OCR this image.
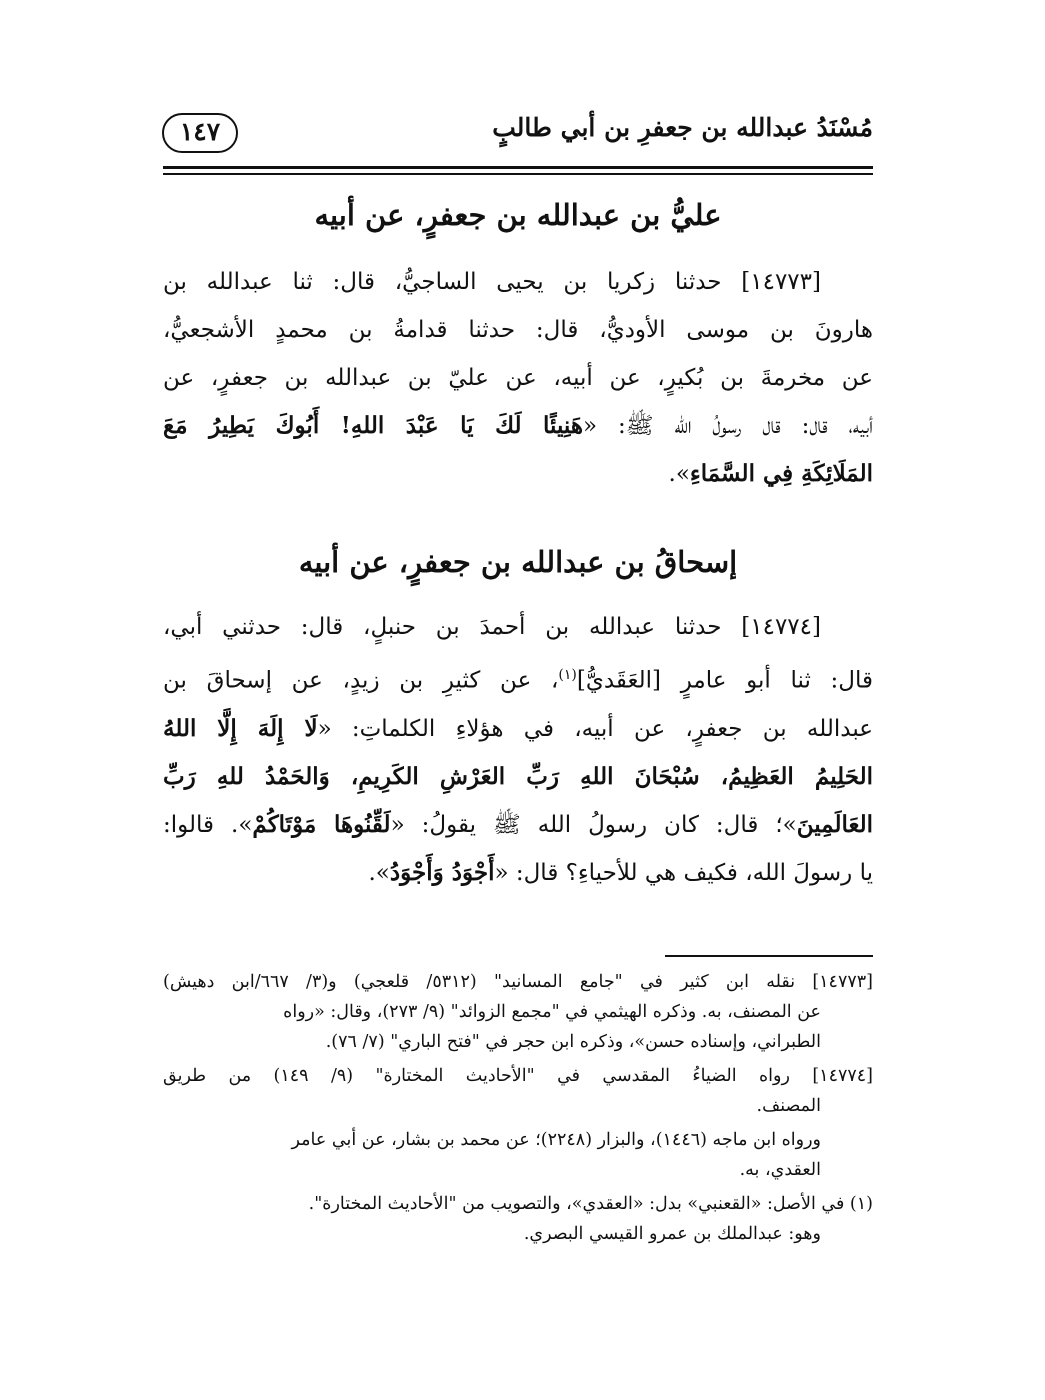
مُسْنَدُ عبدالله بن جعفرِ بن أبي طالبٍ
١٤٧
عليُّ بن عبدالله بن جعفرٍ، عن أبيه
[١٤٧٧٣] حدثنا زكريا بن يحيى الساجيُّ، قال: ثنا عبدالله بن
هارونَ بن موسى الأوديُّ، قال: حدثنا قدامةُ بن محمدٍ الأشجعيُّ،
عن مخرمةَ بن بُكيرٍ، عن أبيه، عن عليّ بن عبدالله بن جعفرٍ، عن
أبيه، قال: قال رسولُ الله ﷺ: «هَنِيئًا لَكَ يَا عَبْدَ اللهِ! أَبُوكَ يَطِيرُ مَعَ
المَلَائِكَةِ فِي السَّمَاءِ».
إسحاقُ بن عبدالله بن جعفرٍ، عن أبيه
[١٤٧٧٤] حدثنا عبدالله بن أحمدَ بن حنبلٍ، قال: حدثني أبي،
قال: ثنا أبو عامرٍ [العَقَديُّ]$^{(١)}$، عن كثيرِ بن زيدٍ، عن إسحاقَ بن
عبدالله بن جعفرٍ، عن أبيه، في هؤلاءِ الكلماتِ: «لَا إِلَهَ إِلَّا اللهُ
الحَلِيمُ العَظِيمُ، سُبْحَانَ اللهِ رَبِّ العَرْشِ الكَرِيمِ، وَالحَمْدُ للهِ رَبِّ
العَالَمِينَ»؛ قال: كان رسولُ الله ﷺ يقولُ: «لَقِّنُوهَا مَوْتَاكُمْ». قالوا:
يا رسولَ الله، فكيف هي للأحياءِ؟ قال: «أَجْوَدُ وَأَجْوَدُ».
[١٤٧٧٣] نقله ابن كثير في "جامع المسانيد" (٥٣١٢/ قلعجي) و(٣/ ٦٦٧/ابن دهيش)
عن المصنف، به. وذكره الهيثمي في "مجمع الزوائد" (٩/ ٢٧٣)، وقال: «رواه
الطبراني، وإسناده حسن»، وذكره ابن حجر في "فتح الباري" (٧/ ٧٦).
[١٤٧٧٤] رواه الضياءُ المقدسي في "الأحاديث المختارة" (٩/ ١٤٩) من طريق
المصنف.
ورواه ابن ماجه (١٤٤٦)، والبزار (٢٢٤٨)؛ عن محمد بن بشار، عن أبي عامر
العقدي، به.
(١) في الأصل: «القعنبي» بدل: «العقدي»، والتصويب من "الأحاديث المختارة".
وهو: عبدالملك بن عمرو القيسي البصري.
